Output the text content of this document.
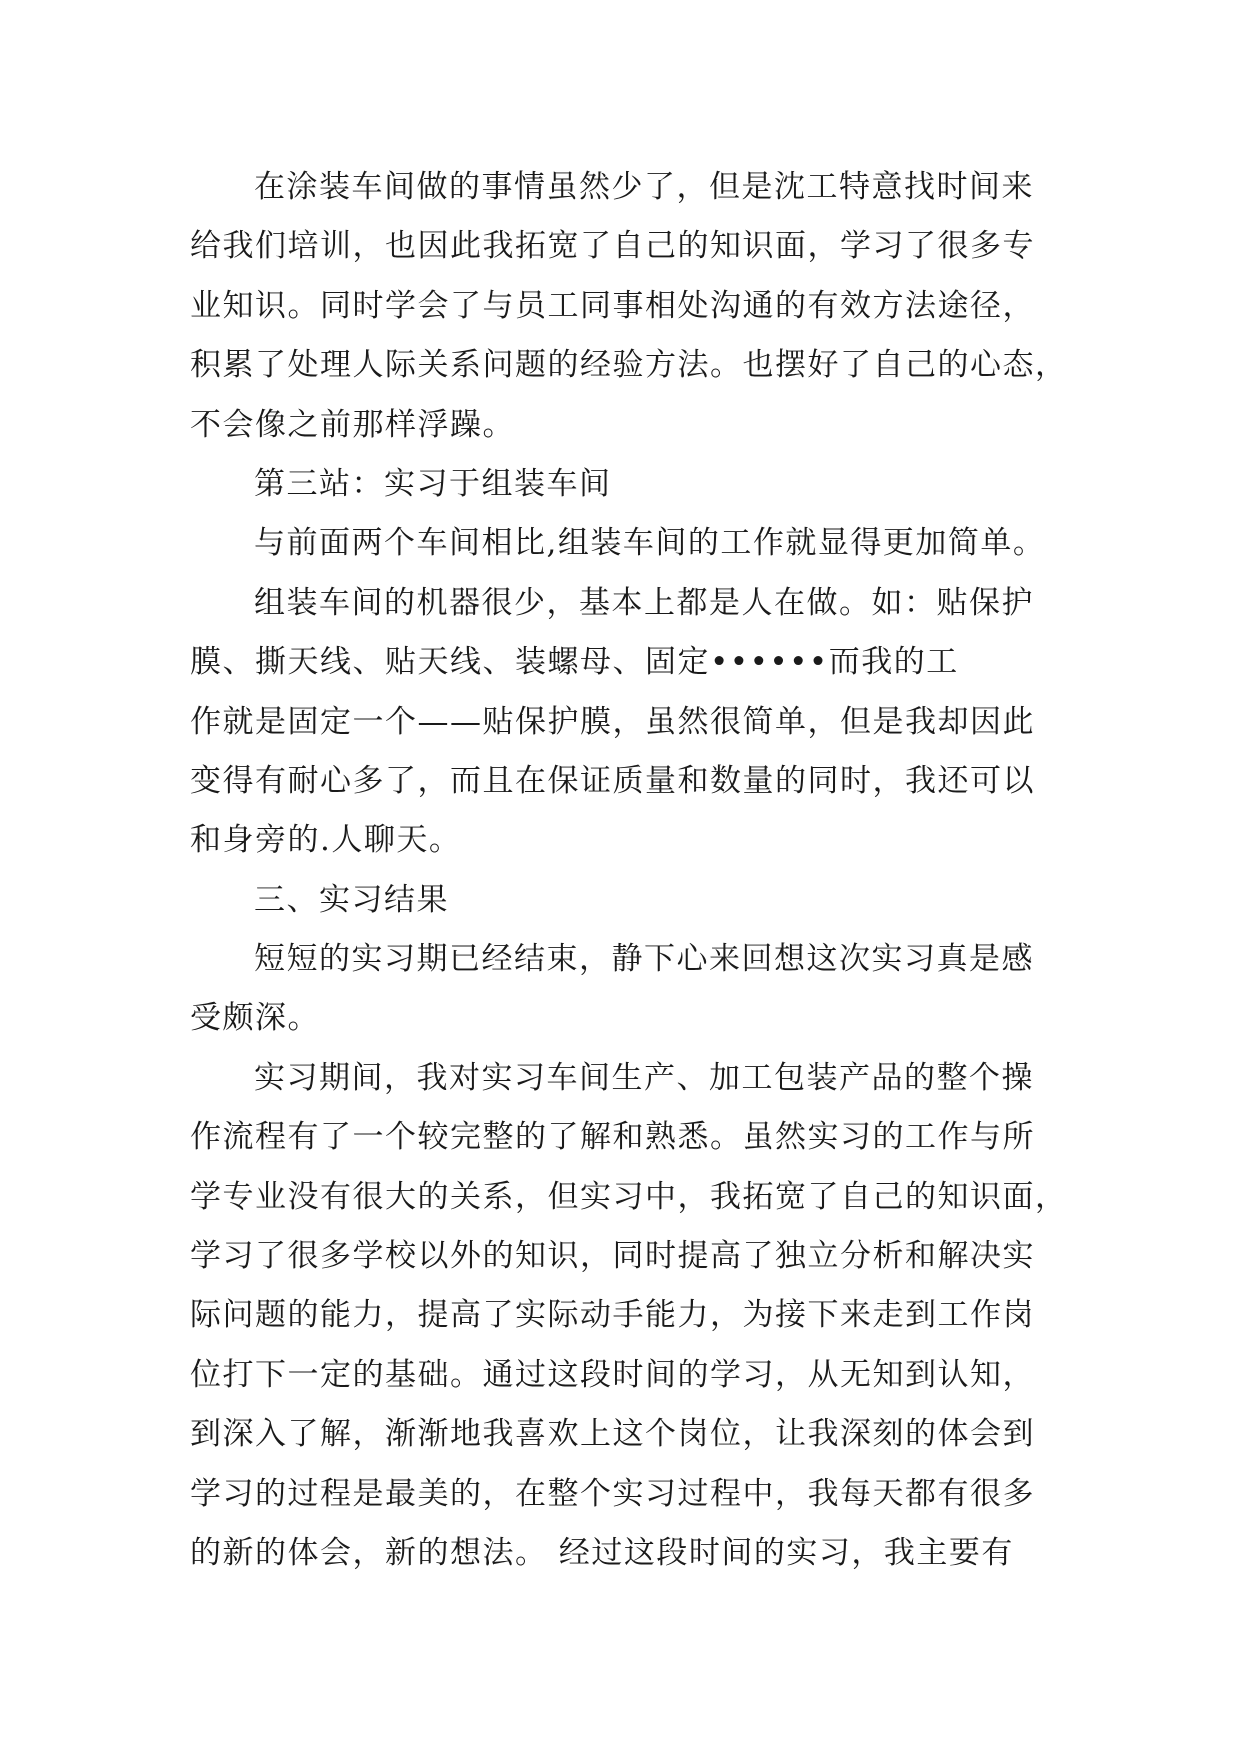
在涂装车间做的事情虽然少了，但是沈工特意找时间来
给我们培训，也因此我拓宽了自己的知识面，学习了很多专
业知识。同时学会了与员工同事相处沟通的有效方法途径，
积累了处理人际关系问题的经验方法。也摆好了自己的心态，
不会像之前那样浮躁。
第三站：实习于组装车间
与前面两个车间相比,组装车间的工作就显得更加简单。
组装车间的机器很少，基本上都是人在做。如：贴保护
膜、撕天线、贴天线、装螺母、固定••••••而我的工
作就是固定一个——贴保护膜，虽然很简单，但是我却因此
变得有耐心多了，而且在保证质量和数量的同时，我还可以
和身旁的.人聊天。
三、实习结果
短短的实习期已经结束，静下心来回想这次实习真是感
受颇深。
实习期间，我对实习车间生产、加工包装产品的整个操
作流程有了一个较完整的了解和熟悉。虽然实习的工作与所
学专业没有很大的关系，但实习中，我拓宽了自己的知识面，
学习了很多学校以外的知识，同时提高了独立分析和解决实
际问题的能力，提高了实际动手能力，为接下来走到工作岗
位打下一定的基础。通过这段时间的学习，从无知到认知，
到深入了解，渐渐地我喜欢上这个岗位，让我深刻的体会到
学习的过程是最美的，在整个实习过程中，我每天都有很多
的新的体会，新的想法。 经过这段时间的实习，我主要有
